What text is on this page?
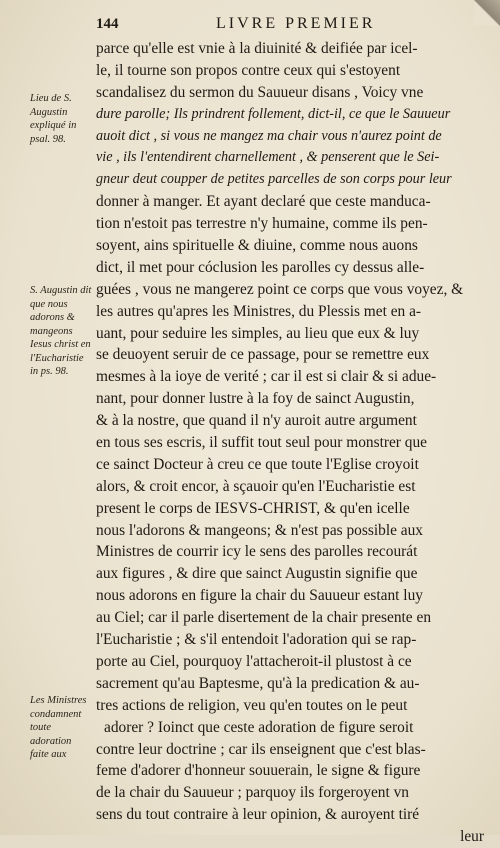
144	LIVRE PREMIER
Lieu de S. Augustin expliqué in psal. 98.
S. Augustin dit que nous adorons & mangeons Iesus christ en l'Eucharistie in ps. 98.
Les Ministres condamnent toute adoration faite aux
parce qu'elle est vnie à la diuinité & deifiée par icel-
le, il tourne son propos contre ceux qui s'estoyent
scandalisez du sermon du Sauueur disans , Voicy vne
dure parolle; Ils prindrent follement, dict-il, ce que le Sauueur
auoit dict , si vous ne mangez ma chair vous n'aurez point de
vie , ils l'entendirent charnellement , & penserent que le Sei-
gneur deut coupper de petites parcelles de son corps pour leur
donner à manger. Et ayant declaré que ceste manduca-
tion n'estoit pas terrestre n'y humaine, comme ils pen-
soyent, ains spirituelle & diuine, comme nous auons
dict, il met pour cóclusion les parolles cy dessus alle-
guées , vous ne mangerez point ce corps que vous voyez, &
les autres qu'apres les Ministres, du Plessis met en a-
uant, pour seduire les simples, au lieu que eux & luy
se deuoyent seruir de ce passage, pour se remettre eux
mesmes à la ioye de verité ; car il est si clair & si adue-
nant, pour donner lustre à la foy de sainct Augustin,
& à la nostre, que quand il n'y auroit autre argument
en tous ses escris, il suffit tout seul pour monstrer que
ce sainct Docteur à creu ce que toute l'Eglise croyoit
alors, & croit encor, à sçauoir qu'en l'Eucharistie est
present le corps de IESVS-CHRIST, & qu'en icelle
nous l'adorons & mangeons; & n'est pas possible aux
Ministres de courrir icy le sens des parolles recourát
aux figures , & dire que sainct Augustin signifie que
nous adorons en figure la chair du Sauueur estant luy
au Ciel; car il parle disertement de la chair presente en
l'Eucharistie ; & s'il entendoit l'adoration qui se rap-
porte au Ciel, pourquoy l'attacheroit-il plustost à ce
sacrement qu'au Baptesme, qu'à la predication & au-
tres actions de religion, veu qu'en toutes on le peut
adorer ? Ioinct que ceste adoration de figure seroit
contre leur doctrine ; car ils enseignent que c'est blas-
feme d'adorer d'honneur souuerain, le signe & figure
de la chair du Sauueur ; parquoy ils forgeroyent vn
sens du tout contraire à leur opinion, & auroyent tiré
leur
